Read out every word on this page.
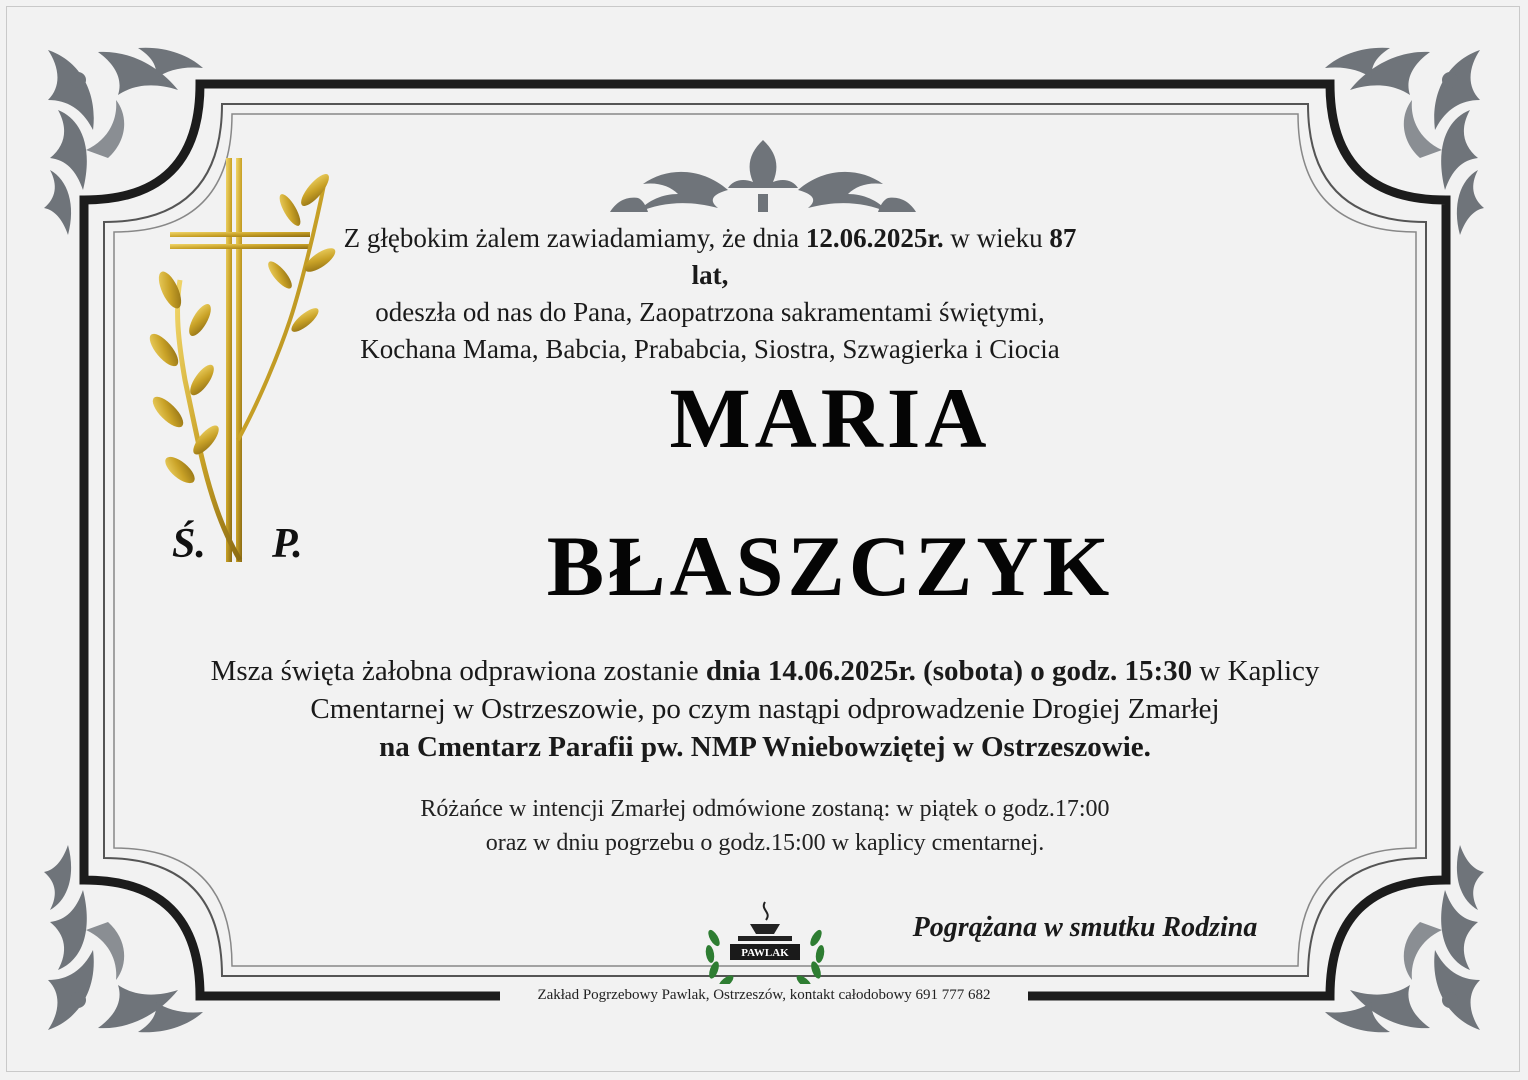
Ś. P.
Z głębokim żalem zawiadamiamy, że dnia 12.06.2025r. w wieku 87 lat,
odeszła od nas do Pana, Zaopatrzona sakramentami świętymi,
Kochana Mama, Babcia, Prababcia, Siostra, Szwagierka i Ciocia
MARIA
BŁASZCZYK
Msza święta żałobna odprawiona zostanie dnia 14.06.2025r. (sobota) o godz. 15:30 w Kaplicy
Cmentarnej w Ostrzeszowie, po czym nastąpi odprowadzenie Drogiej Zmarłej
na Cmentarz Parafii pw. NMP Wniebowziętej w Ostrzeszowie.
Różańce w intencji Zmarłej odmówione zostaną: w piątek o godz.17:00
oraz w dniu pogrzebu o godz.15:00 w kaplicy cmentarnej.
Pogrążana w smutku Rodzina
PAWLAK
Zakład Pogrzebowy Pawlak, Ostrzeszów, kontakt całodobowy 691 777 682
